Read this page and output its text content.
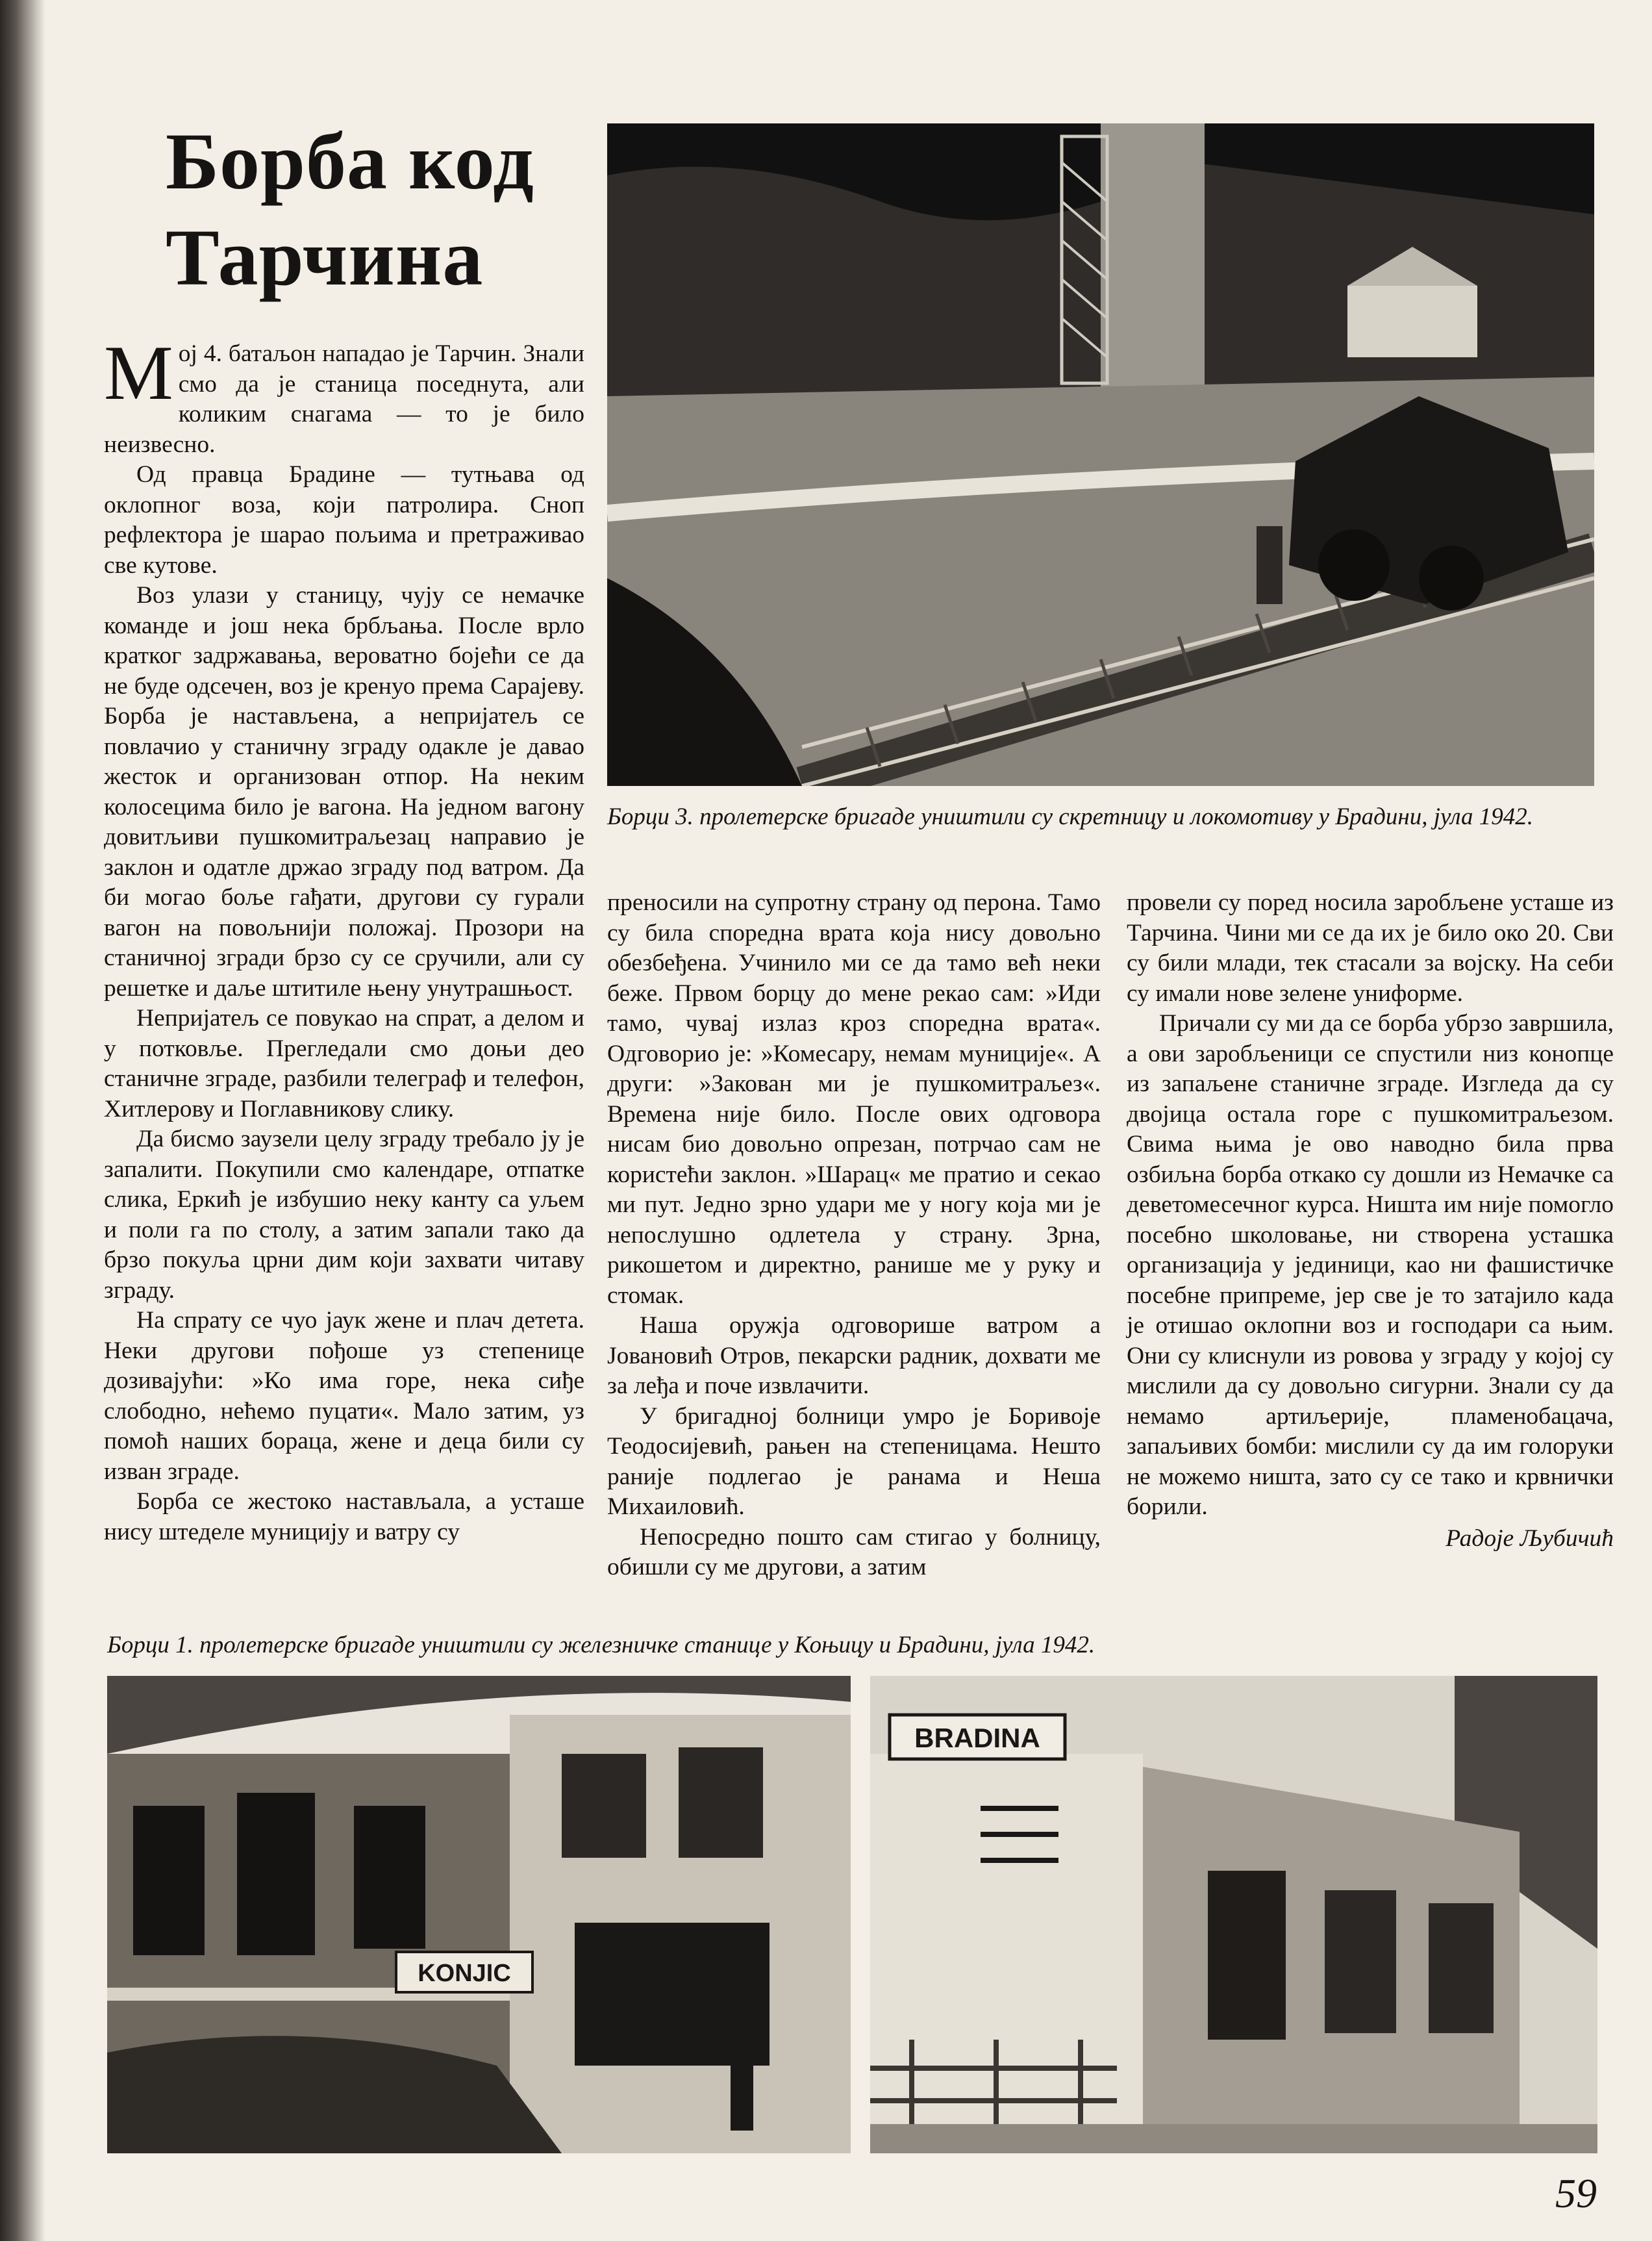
Борба код
Тарчина
Борци 3. пролетерске бригаде уништили су скретницу и локомотиву у Брадини, јула 1942.

Мој 4. батаљон нападао је Тарчин. Знали смо да је станица поседнута, али коликим снагама — то је било неизвесно.

Од правца Брадине — тутњава од оклопног воза, који патролира. Сноп рефлектора је шарао пољима и претраживао све кутове.

Воз улази у станицу, чују се немачке команде и још нека брбљања. После врло кратког задржавања, вероватно бојећи се да не буде одсечен, воз је кренуо према Сарајеву. Борба је настављена, а непријатељ се повлачио у станичну зграду одакле је давао жесток и организован отпор. На неким колосецима било је вагона. На једном вагону довитљиви пушкомитраљезац направио је заклон и одатле држао зграду под ватром. Да би могао боље гађати, другови су гурали вагон на повољнији положај. Прозори на станичној згради брзо су се сручили, али су решетке и даље штитиле њену унутрашњост.

Непријатељ се повукао на спрат, а делом и у потковље. Прегледали смо доњи део станичне зграде, разбили телеграф и телефон, Хитлерову и Поглавникову слику.

Да бисмо заузели целу зграду требало ју је запалити. Покупили смо календаре, отпатке слика, Еркић је избушио неку канту са уљем и поли га по столу, а затим запали тако да брзо покуља црни дим који захвати читаву зграду.

На спрату се чуо јаук жене и плач детета. Неки другови пођоше уз степенице дозивајући: »Ко има горе, нека сиђе слободно, нећемо пуцати«. Мало затим, уз помоћ наших бораца, жене и деца били су изван зграде.

Борба се жестоко настављала, а усташе нису штеделе муницију и ватру су

преносили на супротну страну од перона. Тамо су била споредна врата која нису довољно обезбеђена. Учинило ми се да тамо већ неки беже. Првом борцу до мене рекао сам: »Иди тамо, чувај излаз кроз споредна врата«. Одговорио је: »Комесару, немам муниције«. А други: »Закован ми је пушкомитраљез«. Времена није било. После ових одговора нисам био довољно опрезан, потрчао сам не користећи заклон. »Шарац« ме пратио и секао ми пут. Једно зрно удари ме у ногу која ми је непослушно одлетела у страну. Зрна, рикошетом и директно, ранише ме у руку и стомак.

Наша оружја одговорише ватром а Јовановић Отров, пекарски радник, дохвати ме за леђа и поче извлачити.

У бригадној болници умро је Боривоје Теодосијевић, рањен на степеницама. Нешто раније подлегао је ранама и Неша Михаиловић.

Непосредно пошто сам стигао у болницу, обишли су ме другови, а затим

провели су поред носила заробљене усташе из Тарчина. Чини ми се да их је било око 20. Сви су били млади, тек стасали за војску. На себи су имали нове зелене униформе.

Причали су ми да се борба убрзо завршила, а ови заробљеници се спустили низ конопце из запаљене станичне зграде. Изгледа да су двојица остала горе с пушкомитраљезом. Свима њима је ово наводно била прва озбиљна борба откако су дошли из Немачке са деветомесечног курса. Ништа им није помогло посебно школовање, ни створена усташка организација у јединици, као ни фашистичке посебне припреме, јер све је то затајило када је отишао оклопни воз и господари са њим. Они су клиснули из ровова у зграду у којој су мислили да су довољно сигурни. Знали су да немамо артиљерије, пламенобацача, запаљивих бомби: мислили су да им голоруки не можемо ништа, зато су се тако и крвнички борили.

Радоје Љубичић

Борци 1. пролетерске бригаде уништили су железничке станице у Коњицу и Брадини, јула 1942.
KONJIC
BRADINA
59
